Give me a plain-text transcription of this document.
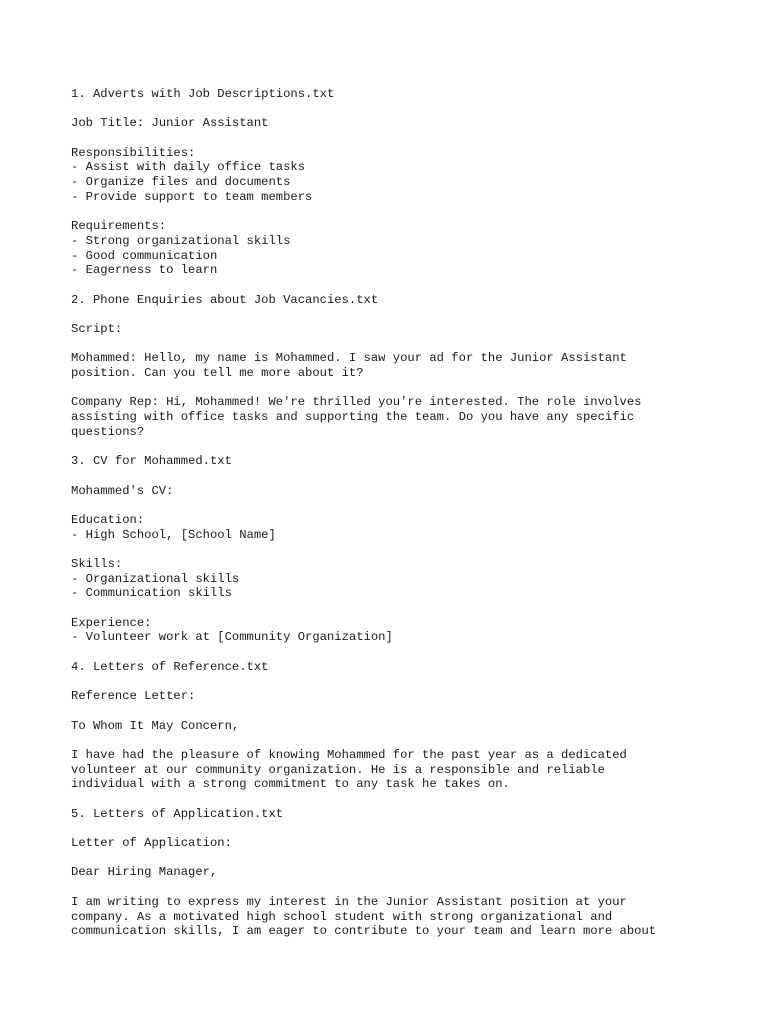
1. Adverts with Job Descriptions.txt
Job Title: Junior Assistant
Responsibilities:
- Assist with daily office tasks
- Organize files and documents
- Provide support to team members
Requirements:
- Strong organizational skills
- Good communication
- Eagerness to learn
2. Phone Enquiries about Job Vacancies.txt
Script:
Mohammed: Hello, my name is Mohammed. I saw your ad for the Junior Assistant
position. Can you tell me more about it?
Company Rep: Hi, Mohammed! We're thrilled you're interested. The role involves
assisting with office tasks and supporting the team. Do you have any specific
questions?
3. CV for Mohammed.txt
Mohammed's CV:
Education:
- High School, [School Name]
Skills:
- Organizational skills
- Communication skills
Experience:
- Volunteer work at [Community Organization]
4. Letters of Reference.txt
Reference Letter:
To Whom It May Concern,
I have had the pleasure of knowing Mohammed for the past year as a dedicated
volunteer at our community organization. He is a responsible and reliable
individual with a strong commitment to any task he takes on.
5. Letters of Application.txt
Letter of Application:
Dear Hiring Manager,
I am writing to express my interest in the Junior Assistant position at your
company. As a motivated high school student with strong organizational and
communication skills, I am eager to contribute to your team and learn more about
